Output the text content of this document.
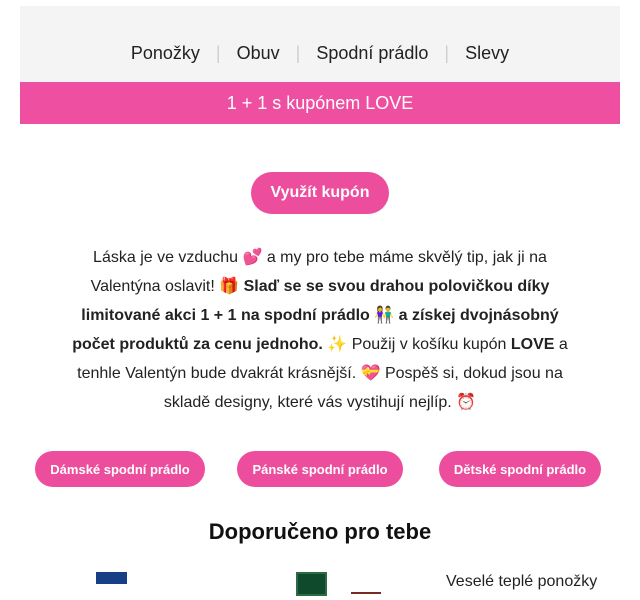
Ponožky | Obuv | Spodní prádlo | Slevy
1 + 1 s kupónem LOVE
Využít kupón
Láska je ve vzduchu 💕 a my pro tebe máme skvělý tip, jak ji na Valentýna oslavit! 🎁 Slaď se se svou drahou polovičkou díky limitované akci 1 + 1 na spodní prádlo 👫 a získej dvojnásobný počet produktů za cenu jednoho. ✨ Použij v košíku kupón LOVE a tenhle Valentýn bude dvakrát krásnější. 💝 Pospěš si, dokud jsou na skladě designy, které vás vystihují nejlíp. ⏰
Dámské spodní prádlo	Pánské spodní prádlo	Dětské spodní prádlo
Doporučeno pro tebe
Veselé teplé ponožky
